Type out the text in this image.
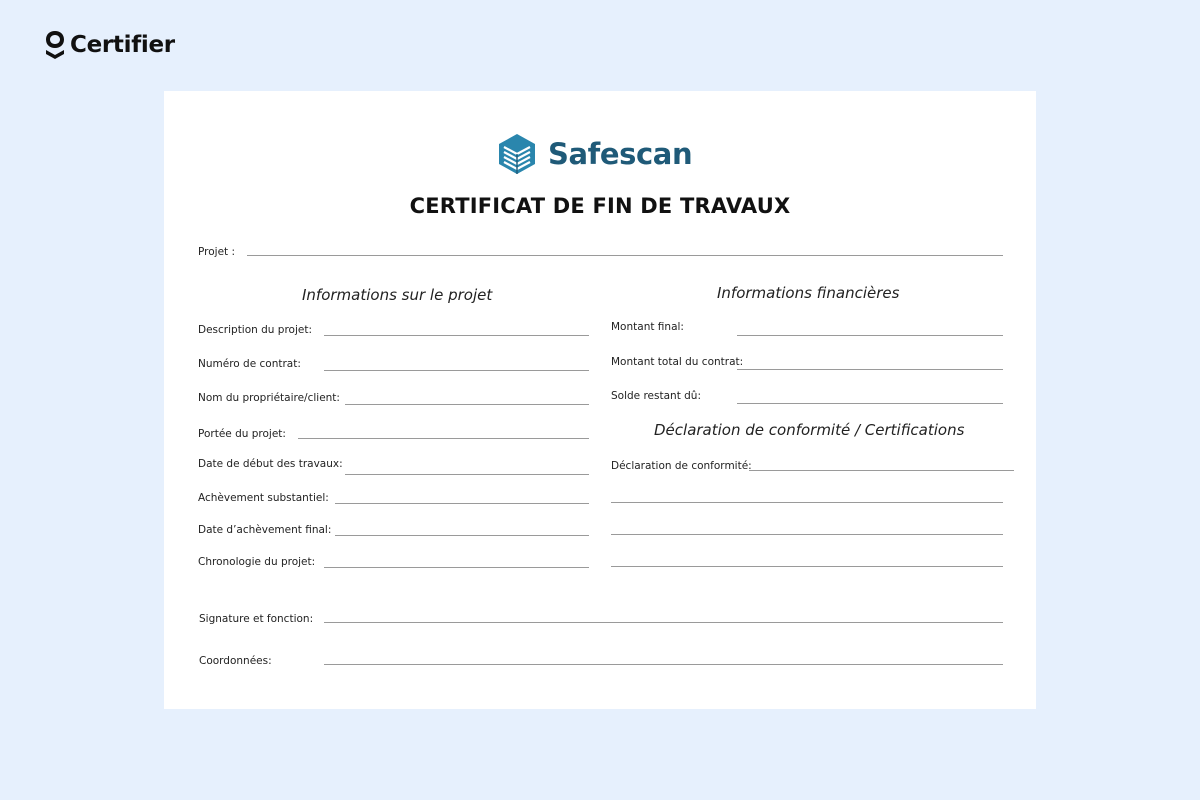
Certifier
Safescan
CERTIFICAT DE FIN DE TRAVAUX
Projet :
Informations sur le projet
Description du projet:
Numéro de contrat:
Nom du propriétaire/client:
Portée du projet:
Date de début des travaux:
Achèvement substantiel:
Date d’achèvement final:
Chronologie du projet:
Informations financières
Montant final:
Montant total du contrat:
Solde restant dû:
Déclaration de conformité / Certifications
Déclaration de conformité:
Signature et fonction:
Coordonnées:
